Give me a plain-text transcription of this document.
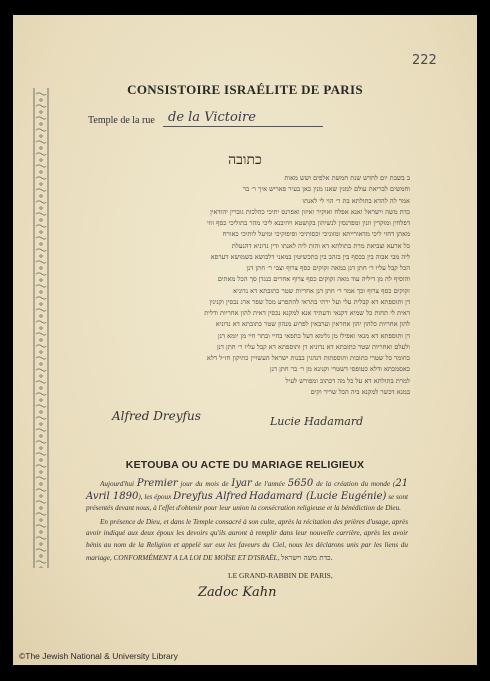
222
CONSISTOIRE ISRAÉLITE DE PARIS
Temple de la rue de la Victoire
כתובה
ב בשבת יום לחדש שנת חמשת אלפים ושש מאות
וחמשים לבריאת עולם למנין שאנו מנין כאן בעיר פאריש איך ר׳ בר
אמר לה להדא בתולתא בת ר׳ הוי לי לאנתו
כדת משה וישראל ואנא אפלח ואוקיר ואיזון ואפרנס יתיכי כהלכות גוברין יהודאין
דפלחין ומוקרין וזנין ומפרנסין לנשיהון בקושטא ויהיבנא ליכי מהר בתוליכי כסף זוזי
מאתן דחזי ליכי מדאורייתא ומזוניכי וכסותיכי וסיפוקיכי ומיעל לותיכי כאורח
כל ארעא וצביאת מרת בתולתא דא והות ליה לאנתו ודין נדוניא דהנעלת
ליה מבי אבוה בין בכסף בין בזהב בין בתכשיטין במאני דלבושא בשמושא דערסא
הכל קבל עליו ר׳ חתן דנן במאה זקוקים כסף צרוף וצבי ר׳ חתן דנן
והוסיף לה מן דיליה עוד מאה זקוקים כסף צרוף אחרים כנגדן סך הכל מאתים
זקוקים כסף צרוף וכך אמר ר׳ חתן דנן אחריות שטר כתובתא דא נדוניא
דן ותוספתא דא קבלית עלי ועל ירתי בתראי להתפרע מכל שפר ארג נכסין וקנינין
דאית לי תחות כל שמיא דקנאי ודעתיד אנא למקנא נכסין דאית להון אחריות ודלית
להון אחריות כלהון יהון אחראין וערבאין לפרוע מנהון שטר כתובתא דא נדוניא
דן ותוספתא דא מנאי ואפילו מן גלימא דעל כתפאי בחיי ובתר חיי מן יומא דנן
ולעלם ואחריות שטר כתובתא דא נדוניא דן ותוספתא דא קבל עליו ר׳ חתן דנן
כחומר כל שטרי כתובות ותוספתות דנהגין בבנות ישראל העשויין כתיקון חז״ל דלא
כאסמכתא ודלא כטופסי דשטרי וקנינא מן ר׳ בר חתן דנן
למרת בתולתא דא על כל מה דכתוב ומפורש לעיל
במנא דכשר למקנא ביה הכל שריר וקים
Alfred Dreyfus	Lucie Hadamard
KETOUBA OU ACTE DU MARIAGE RELIGIEUX
Aujourd'hui Premier jour du mois de Iyar de l'année 5650 de la création du monde (21 Avril 1890), les époux Dreyfus Alfred Hadamard (Lucie Eugénie) se sont présentés devant nous, à l'effet d'obtenir pour leur union la consécration religieuse et la bénédiction de Dieu.
En présence de Dieu, et dans le Temple consacré à son culte, après la récitation des prières d'usage, après avoir indiqué aux deux époux les devoirs qu'ils auront à remplir dans leur nouvelle carrière, après les avoir bénis au nom de la Religion et appelé sur eux les faveurs du Ciel, nous les déclarons unis par les liens du mariage, CONFORMÉMENT A LA LOI DE MOÏSE ET D'ISRAËL, כדת משה וישראל.
LE GRAND-RABBIN DE PARIS,
Zadoc Kahn
©The Jewish National & University Library
